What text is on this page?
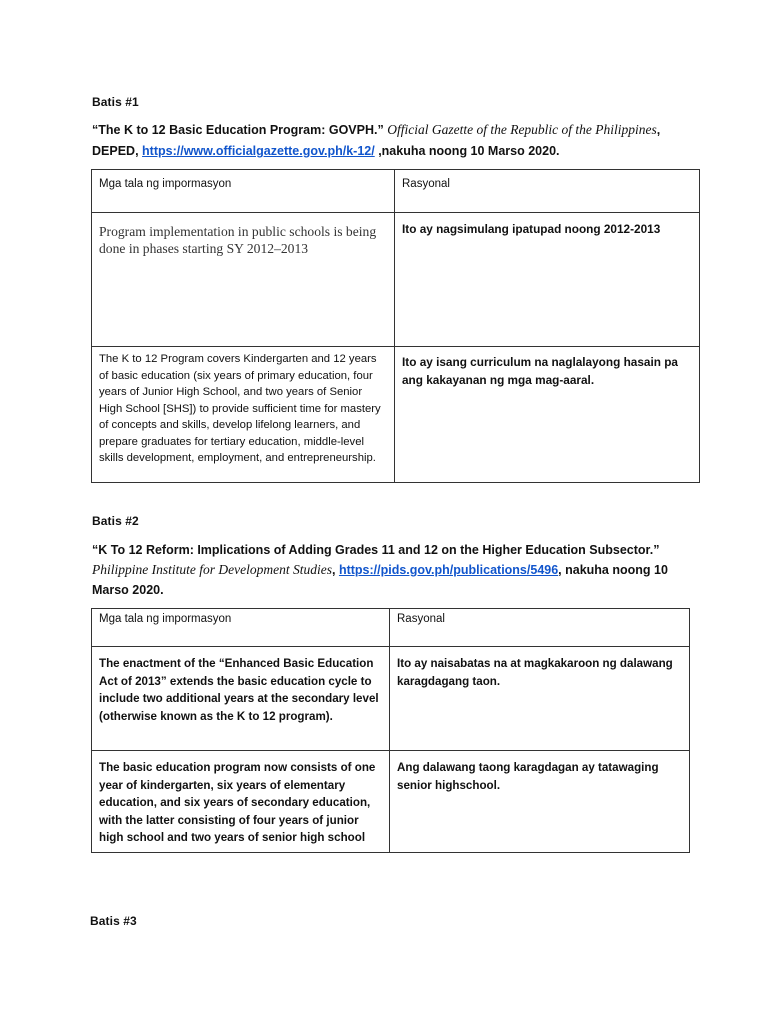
Batis #1
“The K to 12 Basic Education Program: GOVPH.” Official Gazette of the Republic of the Philippines,
DEPED, https://www.officialgazette.gov.ph/k-12/ ,nakuha noong 10 Marso 2020.
Mga tala ng impormasyon	Rasyonal

Program implementation in public schools is being done in phases starting SY 2012–2013	Ito ay nagsimulang ipatupad noong 2012-2013

The K to 12 Program covers Kindergarten and 12 years of basic education (six years of primary education, four years of Junior High School, and two years of Senior High School [SHS]) to provide sufficient time for mastery of concepts and skills, develop lifelong learners, and prepare graduates for tertiary education, middle-level skills development, employment, and entrepreneurship.	Ito ay isang curriculum na naglalayong hasain pa ang kakayanan ng mga mag-aaral.
Batis #2
“K To 12 Reform: Implications of Adding Grades 11 and 12 on the Higher Education Subsector.”
Philippine Institute for Development Studies, https://pids.gov.ph/publications/5496, nakuha noong 10 Marso 2020.
Mga tala ng impormasyon	Rasyonal

The enactment of the “Enhanced Basic Education Act of 2013” extends the basic education cycle to include two additional years at the secondary level (otherwise known as the K to 12 program).	Ito ay naisabatas na at magkakaroon ng dalawang karagdagang taon.

The basic education program now consists of one year of kindergarten, six years of elementary education, and six years of secondary education, with the latter consisting of four years of junior high school and two years of senior high school	Ang dalawang taong karagdagan ay tatawaging senior highschool.
Batis #3
